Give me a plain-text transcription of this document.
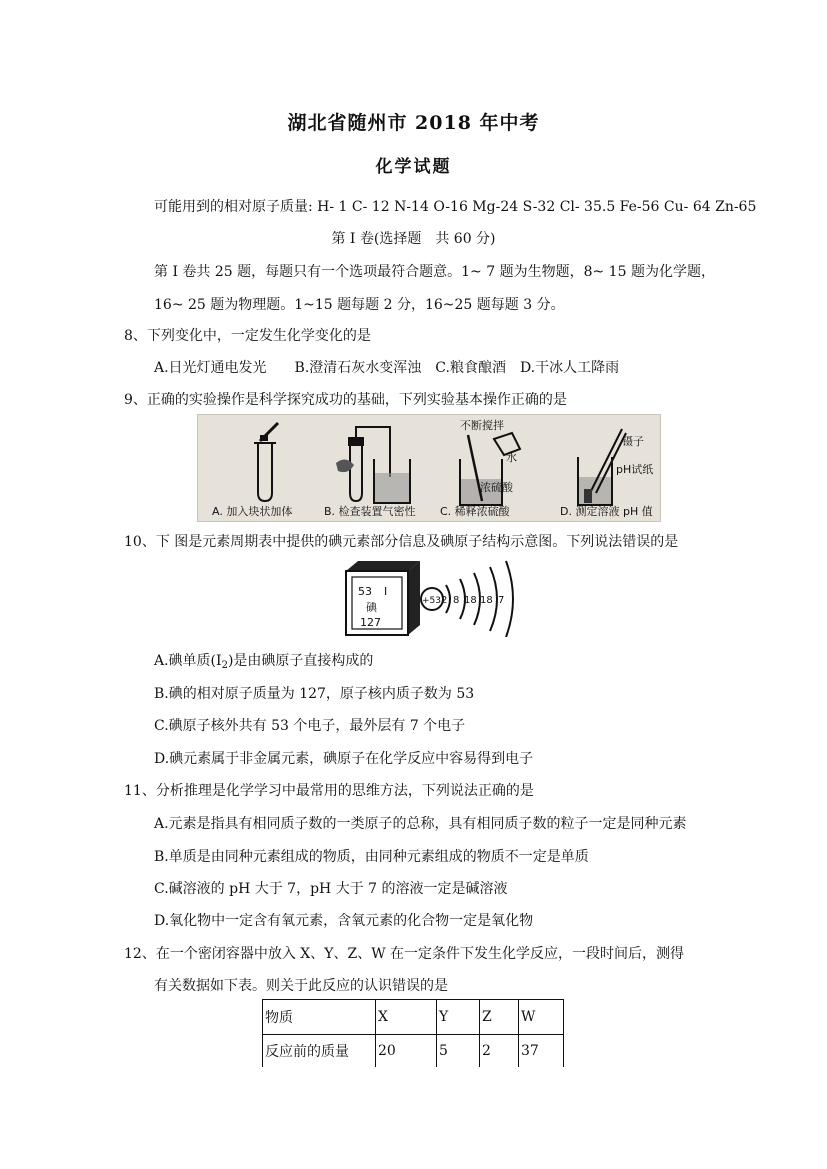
湖北省随州市 2018 年中考
化学试题
可能用到的相对原子质量: H- 1 C- 12 N-14 O-16 Mg-24 S-32 Cl- 35.5 Fe-56 Cu- 64 Zn-65
第 I 卷(选择题　共 60 分)
第 I 卷共 25 题，每题只有一个选项最符合题意。1~ 7 题为生物题，8~ 15 题为化学题，
16~ 25 题为物理题。1~15 题每题 2 分，16~25 题每题 3 分。
8、下列变化中，一定发生化学变化的是
A.日光灯通电发光　　B.澄清石灰水变浑浊　C.粮食酿酒　D.干冰人工降雨
9、正确的实验操作是科学探究成功的基础，下列实验基本操作正确的是
不断搅拌
水
浓硫酸
镊子
pH试纸
A. 加入块状加体	B. 检查装置气密性 C. 稀释浓硫酸	D. 测定溶液 pH 值
10、下 图是元素周期表中提供的碘元素部分信息及碘原子结构示意图。下列说法错误的是
53 I
碘
127
+53 2 8 18 18 7
A.碘单质$(I_2)$是由碘原子直接构成的
B.碘的相对原子质量为 127，原子核内质子数为 53
C.碘原子核外共有 53 个电子，最外层有 7 个电子
D.碘元素属于非金属元素，碘原子在化学反应中容易得到电子
11、分析推理是化学学习中最常用的思维方法，下列说法正确的是
A.元素是指具有相同质子数的一类原子的总称，具有相同质子数的粒子一定是同种元素
B.单质是由同种元素组成的物质，由同种元素组成的物质不一定是单质
C.碱溶液的 pH 大于 7，pH 大于 7 的溶液一定是碱溶液
D.氧化物中一定含有氧元素，含氧元素的化合物一定是氧化物
12、在一个密闭容器中放入 X、Y、Z、W 在一定条件下发生化学反应，一段时间后，测得
有关数据如下表。则关于此反应的认识错误的是
物质	X	Y	Z	W
反应前的质量	20	5	2	37
